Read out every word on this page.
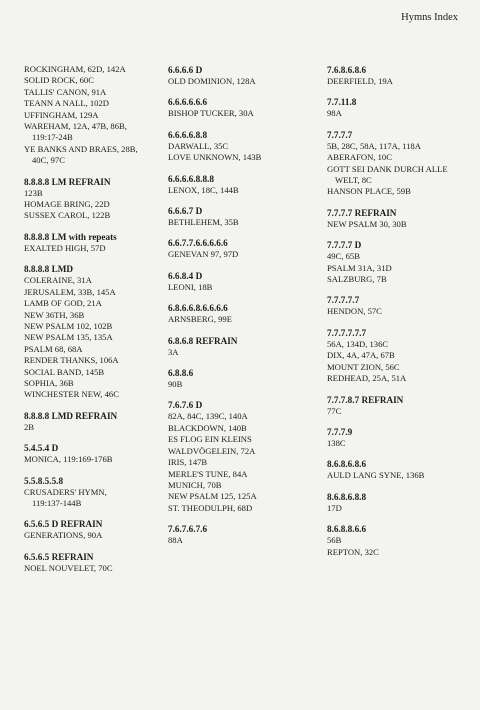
Hymns Index
ROCKINGHAM, 62D, 142A
SOLID ROCK, 60C
TALLIS' CANON, 91A
TEANN A NALL, 102D
UFFINGHAM, 129A
WAREHAM, 12A, 47B, 86B,
119:17-24B
YE BANKS AND BRAES, 28B,
40C, 97C
8.8.8.8 LM REFRAIN
123B
HOMAGE BRING, 22D
SUSSEX CAROL, 122B
8.8.8.8 LM with repeats
EXALTED HIGH, 57D
8.8.8.8 LMD
COLERAINE, 31A
JERUSALEM, 33B, 145A
LAMB OF GOD, 21A
NEW 36TH, 36B
NEW PSALM 102, 102B
NEW PSALM 135, 135A
PSALM 68, 68A
RENDER THANKS, 106A
SOCIAL BAND, 145B
SOPHIA, 36B
WINCHESTER NEW, 46C
8.8.8.8 LMD REFRAIN
2B
5.4.5.4 D
MONICA, 119:169-176B
5.5.8.5.5.8
CRUSADERS' HYMN,
119:137-144B
6.5.6.5 D REFRAIN
GENERATIONS, 90A
6.5.6.5 REFRAIN
NOEL NOUVELET, 70C
6.6.6.6 D
OLD DOMINION, 128A
6.6.6.6.6.6
BISHOP TUCKER, 30A
6.6.6.6.8.8
DARWALL, 35C
LOVE UNKNOWN, 143B
6.6.6.6.8.8.8
LENOX, 18C, 144B
6.6.6.7 D
BETHLEHEM, 35B
6.6.7.7.6.6.6.6.6
GENEVAN 97, 97D
6.6.8.4 D
LEONI, 18B
6.8.6.6.8.6.6.6.6
ARNSBERG, 99E
6.8.6.8 REFRAIN
3A
6.8.8.6
90B
7.6.7.6 D
82A, 84C, 139C, 140A
BLACKDOWN, 140B
ES FLOG EIN KLEINS
WALDVÖGELEIN, 72A
IRIS, 147B
MERLE'S TUNE, 84A
MUNICH, 70B
NEW PSALM 125, 125A
ST. THEODULPH, 68D
7.6.7.6.7.6
88A
7.6.8.6.8.6
DEERFIELD, 19A
7.7.11.8
98A
7.7.7.7
5B, 28C, 58A, 117A, 118A
ABERAFON, 10C
GOTT SEI DANK DURCH ALLE
WELT, 8C
HANSON PLACE, 59B
7.7.7.7 REFRAIN
NEW PSALM 30, 30B
7.7.7.7 D
49C, 65B
PSALM 31A, 31D
SALZBURG, 7B
7.7.7.7.7
HENDON, 57C
7.7.7.7.7.7
56A, 134D, 136C
DIX, 4A, 47A, 67B
MOUNT ZION, 56C
REDHEAD, 25A, 51A
7.7.7.8.7 REFRAIN
77C
7.7.7.9
138C
8.6.8.6.8.6
AULD LANG SYNE, 136B
8.6.8.6.8.8
17D
8.6.8.8.6.6
56B
REPTON, 32C
